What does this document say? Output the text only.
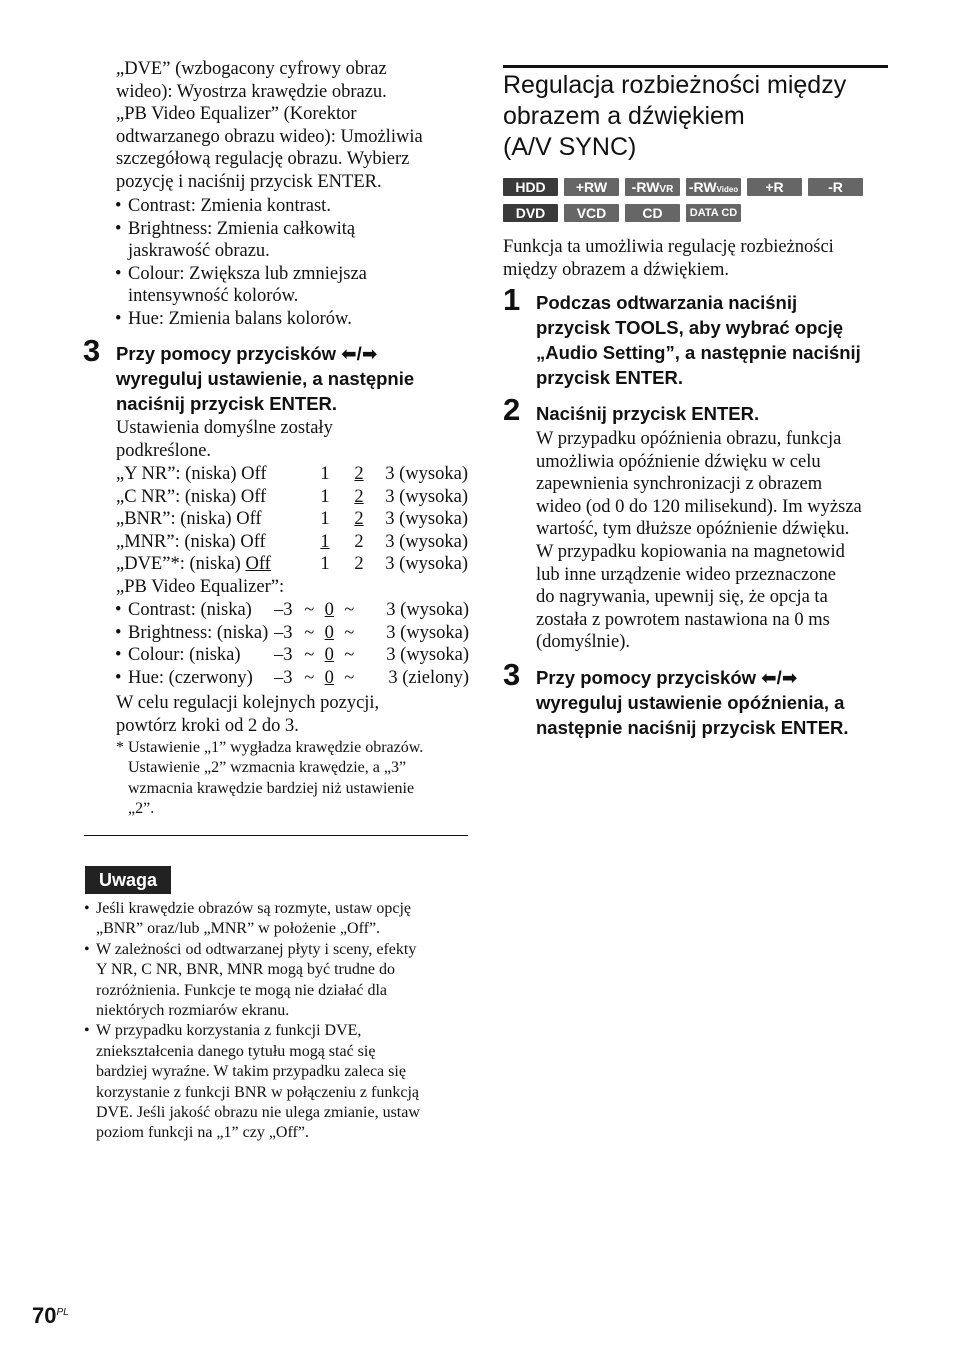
„DVE” (wzbogacony cyfrowy obraz

wideo): Wyostrza krawędzie obrazu.

„PB Video Equalizer” (Korektor

odtwarzanego obrazu wideo): Umożliwia

szczegółową regulację obrazu. Wybierz

pozycję i naciśnij przycisk ENTER.

• Contrast: Zmienia kontrast.
• Brightness: Zmienia całkowitą
jaskrawość obrazu.
• Colour: Zwiększa lub zmniejsza
intensywność kolorów.
• Hue: Zmienia balans kolorów.
3 Przy pomocy przycisków ⬅/➡
wyreguluj ustawienie, a następnie
naciśnij przycisk ENTER.

Ustawienia domyślne zostały

podkreślone.

„Y NR”: (niska) Off	1	2	3 (wysoka)
„C NR”: (niska) Off	1	2	3 (wysoka)
„BNR”: (niska) Off	1	2	3 (wysoka)
„MNR”: (niska) Off	1	2	3 (wysoka)
„DVE”*: (niska) Off	1	2	3 (wysoka)
„PB Video Equalizer”:
• Contrast: (niska)	–3	~	0	~	3 (wysoka)
• Brightness: (niska)	–3	~	0	~	3 (wysoka)
• Colour: (niska)	–3	~	0	~	3 (wysoka)
• Hue: (czerwony)	–3	~	0	~	3 (zielony)

W celu regulacji kolejnych pozycji,

powtórz kroki od 2 do 3.

* Ustawienie „1” wygładza krawędzie obrazów.

Ustawienie „2” wzmacnia krawędzie, a „3”

wzmacnia krawędzie bardziej niż ustawienie

„2”.

Uwaga
• Jeśli krawędzie obrazów są rozmyte, ustaw opcję
„BNR” oraz/lub „MNR” w położenie „Off”.
• W zależności od odtwarzanej płyty i sceny, efekty
Y NR, C NR, BNR, MNR mogą być trudne do
rozróżnienia. Funkcje te mogą nie działać dla
niektórych rozmiarów ekranu.
• W przypadku korzystania z funkcji DVE,
zniekształcenia danego tytułu mogą stać się
bardziej wyraźne. W takim przypadku zaleca się
korzystanie z funkcji BNR w połączeniu z funkcją
DVE. Jeśli jakość obrazu nie ulega zmianie, ustaw
poziom funkcji na „1” czy „Off”.
Regulacja rozbieżności między
obrazem a dźwiękiem
(A/V SYNC)
HDD +RW -RWVR -RWVideo +R	-R
DVD VCD	CD DATA CD

Funkcja ta umożliwia regulację rozbieżności

między obrazem a dźwiękiem.

1 Podczas odtwarzania naciśnij
przycisk TOOLS, aby wybrać opcję
„Audio Setting”, a następnie naciśnij
przycisk ENTER.
2 Naciśnij przycisk ENTER.

W przypadku opóźnienia obrazu, funkcja

umożliwia opóźnienie dźwięku w celu

zapewnienia synchronizacji z obrazem

wideo (od 0 do 120 milisekund). Im wyższa

wartość, tym dłuższe opóźnienie dźwięku.

W przypadku kopiowania na magnetowid

lub inne urządzenie wideo przeznaczone

do nagrywania, upewnij się, że opcja ta

została z powrotem nastawiona na 0 ms

(domyślnie).

3 Przy pomocy przycisków ⬅/➡
wyreguluj ustawienie opóźnienia, a
następnie naciśnij przycisk ENTER.
$70^{PL}$
